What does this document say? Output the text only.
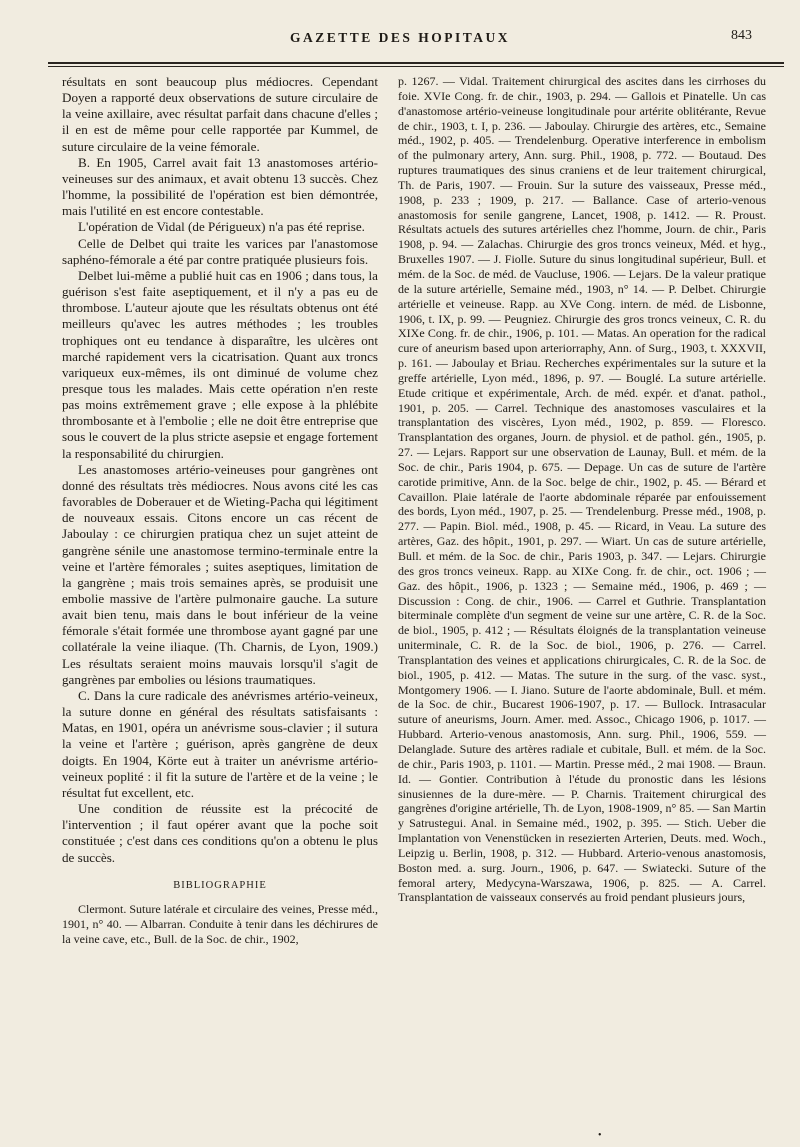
GAZETTE DES HOPITAUX	843

résultats en sont beaucoup plus médiocres. Cependant Doyen a rapporté deux observations de suture circulaire de la veine axillaire, avec résultat parfait dans chacune d'elles ; il en est de même pour celle rapportée par Kummel, de suture circulaire de la veine fémorale.

B. En 1905, Carrel avait fait 13 anastomoses artério-veineuses sur des animaux, et avait obtenu 13 succès. Chez l'homme, la possibilité de l'opération est bien démontrée, mais l'utilité en est encore contestable.

L'opération de Vidal (de Périgueux) n'a pas été reprise.

Celle de Delbet qui traite les varices par l'anastomose saphéno-fémorale a été par contre pratiquée plusieurs fois.

Delbet lui-même a publié huit cas en 1906 ; dans tous, la guérison s'est faite aseptiquement, et il n'y a pas eu de thrombose. L'auteur ajoute que les résultats obtenus ont été meilleurs qu'avec les autres méthodes ; les troubles trophiques ont eu tendance à disparaître, les ulcères ont marché rapidement vers la cicatrisation. Quant aux troncs variqueux eux-mêmes, ils ont diminué de volume chez presque tous les malades. Mais cette opération n'en reste pas moins extrêmement grave ; elle expose à la phlébite thrombosante et à l'embolie ; elle ne doit être entreprise que sous le couvert de la plus stricte asepsie et engage fortement la responsabilité du chirurgien.

Les anastomoses artério-veineuses pour gangrènes ont donné des résultats très médiocres. Nous avons cité les cas favorables de Doberauer et de Wieting-Pacha qui légitiment de nouveaux essais. Citons encore un cas récent de Jaboulay : ce chirurgien pratiqua chez un sujet atteint de gangrène sénile une anastomose termino-terminale entre la veine et l'artère fémorales ; suites aseptiques, limitation de la gangrène ; mais trois semaines après, se produisit une embolie massive de l'artère pulmonaire gauche. La suture avait bien tenu, mais dans le bout inférieur de la veine fémorale s'était formée une thrombose ayant gagné par une collatérale la veine iliaque. (Th. Charnis, de Lyon, 1909.) Les résultats seraient moins mauvais lorsqu'il s'agit de gangrènes par embolies ou lésions traumatiques.

C. Dans la cure radicale des anévrismes artério-veineux, la suture donne en général des résultats satisfaisants : Matas, en 1901, opéra un anévrisme sous-clavier ; il sutura la veine et l'artère ; guérison, après gangrène de deux doigts. En 1904, Körte eut à traiter un anévrisme artério-veineux poplité : il fit la suture de l'artère et de la veine ; le résultat fut excellent, etc.

Une condition de réussite est la précocité de l'intervention ; il faut opérer avant que la poche soit constituée ; c'est dans ces conditions qu'on a obtenu le plus de succès.

BIBLIOGRAPHIE

Clermont. Suture latérale et circulaire des veines, Presse méd., 1901, n° 40. — Albarran. Conduite à tenir dans les déchirures de la veine cave, etc., Bull. de la Soc. de chir., 1902,

p. 1267. — Vidal. Traitement chirurgical des ascites dans les cirrhoses du foie. XVIe Cong. fr. de chir., 1903, p. 294. — Gallois et Pinatelle. Un cas d'anastomose artério-veineuse longitudinale pour artérite oblitérante, Revue de chir., 1903, t. I, p. 236. — Jaboulay. Chirurgie des artères, etc., Semaine méd., 1902, p. 405. — Trendelenburg. Operative interference in embolism of the pulmonary artery, Ann. surg. Phil., 1908, p. 772. — Boutaud. Des ruptures traumatiques des sinus craniens et de leur traitement chirurgical, Th. de Paris, 1907. — Frouin. Sur la suture des vaisseaux, Presse méd., 1908, p. 233 ; 1909, p. 217. — Ballance. Case of arterio-venous anastomosis for senile gangrene, Lancet, 1908, p. 1412. — R. Proust. Résultats actuels des sutures artérielles chez l'homme, Journ. de chir., Paris 1908, p. 94. — Zalachas. Chirurgie des gros troncs veineux, Méd. et hyg., Bruxelles 1907. — J. Fiolle. Suture du sinus longitudinal supérieur, Bull. et mém. de la Soc. de méd. de Vaucluse, 1906. — Lejars. De la valeur pratique de la suture artérielle, Semaine méd., 1903, n° 14. — P. Delbet. Chirurgie artérielle et veineuse. Rapp. au XVe Cong. intern. de méd. de Lisbonne, 1906, t. IX, p. 99. — Peugniez. Chirurgie des gros troncs veineux, C. R. du XIXe Cong. fr. de chir., 1906, p. 101. — Matas. An operation for the radical cure of aneurism based upon arteriorraphy, Ann. of Surg., 1903, t. XXXVII, p. 161. — Jaboulay et Briau. Recherches expérimentales sur la suture et la greffe artérielle, Lyon méd., 1896, p. 97. — Bouglé. La suture artérielle. Etude critique et expérimentale, Arch. de méd. expér. et d'anat. pathol., 1901, p. 205. — Carrel. Technique des anastomoses vasculaires et la transplantation des viscères, Lyon méd., 1902, p. 859. — Floresco. Transplantation des organes, Journ. de physiol. et de pathol. gén., 1905, p. 27. — Lejars. Rapport sur une observation de Launay, Bull. et mém. de la Soc. de chir., Paris 1904, p. 675. — Depage. Un cas de suture de l'artère carotide primitive, Ann. de la Soc. belge de chir., 1902, p. 45. — Bérard et Cavaillon. Plaie latérale de l'aorte abdominale réparée par enfouissement des bords, Lyon méd., 1907, p. 25. — Trendelenburg. Presse méd., 1908, p. 277. — Papin. Biol. méd., 1908, p. 45. — Ricard, in Veau. La suture des artères, Gaz. des hôpit., 1901, p. 297. — Wiart. Un cas de suture artérielle, Bull. et mém. de la Soc. de chir., Paris 1903, p. 347. — Lejars. Chirurgie des gros troncs veineux. Rapp. au XIXe Cong. fr. de chir., oct. 1906 ; — Gaz. des hôpit., 1906, p. 1323 ; — Semaine méd., 1906, p. 469 ; — Discussion : Cong. de chir., 1906. — Carrel et Guthrie. Transplantation biterminale complète d'un segment de veine sur une artère, C. R. de la Soc. de biol., 1905, p. 412 ; — Résultats éloignés de la transplantation veineuse uniterminale, C. R. de la Soc. de biol., 1906, p. 276. — Carrel. Transplantation des veines et applications chirurgicales, C. R. de la Soc. de biol., 1905, p. 412. — Matas. The suture in the surg. of the vasc. syst., Montgomery 1906. — I. Jiano. Suture de l'aorte abdominale, Bull. et mém. de la Soc. de chir., Bucarest 1906-1907, p. 17. — Bullock. Intrasacular suture of aneurisms, Journ. Amer. med. Assoc., Chicago 1906, p. 1017. — Hubbard. Arterio-venous anastomosis, Ann. surg. Phil., 1906, 559. — Delanglade. Suture des artères radiale et cubitale, Bull. et mém. de la Soc. de chir., Paris 1903, p. 1101. — Martin. Presse méd., 2 mai 1908. — Braun. Id. — Gontier. Contribution à l'étude du pronostic dans les lésions sinusiennes de la dure-mère. — P. Charnis. Traitement chirurgical des gangrènes d'origine artérielle, Th. de Lyon, 1908-1909, n° 85. — San Martin y Satrustegui. Anal. in Semaine méd., 1902, p. 395. — Stich. Ueber die Implantation von Venenstücken in resezierten Arterien, Deuts. med. Woch., Leipzig u. Berlin, 1908, p. 312. — Hubbard. Arterio-venous anastomosis, Boston med. a. surg. Journ., 1906, p. 647. — Swiatecki. Suture of the femoral artery, Medycyna-Warszawa, 1906, p. 825. — A. Carrel. Transplantation de vaisseaux conservés au froid pendant plusieurs jours,

•
